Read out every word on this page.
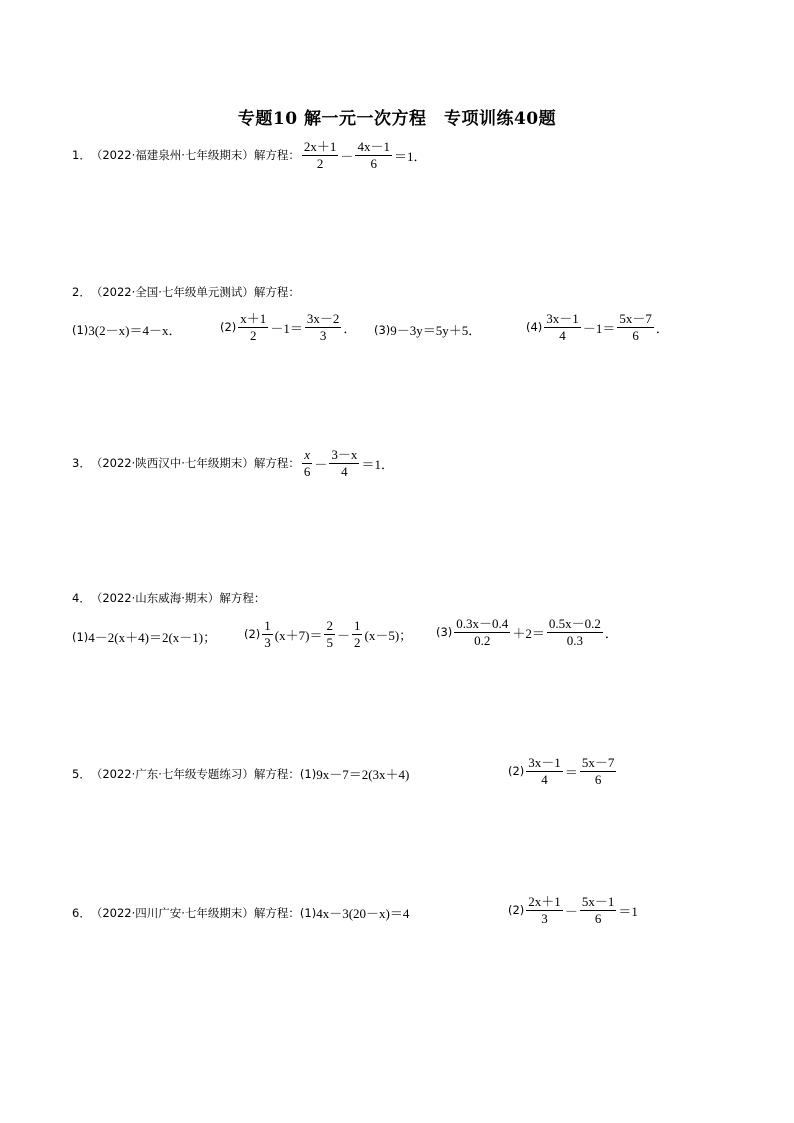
专题10 解一元一次方程　专项训练40题
1． （2022·福建泉州·七年级期末） 解方程： $\frac{2x+1}{2} - \frac{4x-1}{6} =1$．
2． （2022·全国·七年级单元测试） 解方程：
(1) 3(2－x)＝4－x．	$(2) \frac{x+1}{2} -1= \frac{3x-2}{3}$ ． (3) 9－3y＝5y＋5．	$(4) \frac{3x-1}{4} -1= \frac{5x-7}{6}$ ．
3． （2022·陕西汉中·七年级期末） 解方程： $\frac{x}{6} - \frac{3-x}{4} =1$．
4． （2022·山东威海·期末） 解方程：
(1) 4－2(x＋4)＝2(x－1)； $(2) \frac{1}{3} (x+7)= \frac{2}{5} - \frac{1}{2} (x-5)$； $(3) \frac{0.3x-0.4}{0.2} +2= \frac{0.5x-0.2}{0.3}$ ．
5． （2022·广东·七年级专题练习） 解方程： (1) 9x－7＝2(3x＋4)	$(2) \frac{3x-1}{4} = \frac{5x-7}{6}$
6． （2022·四川广安·七年级期末） 解方程： (1) 4x－3(20－x)＝4	$(2) \frac{2x+1}{3} - \frac{5x-1}{6} =1$
